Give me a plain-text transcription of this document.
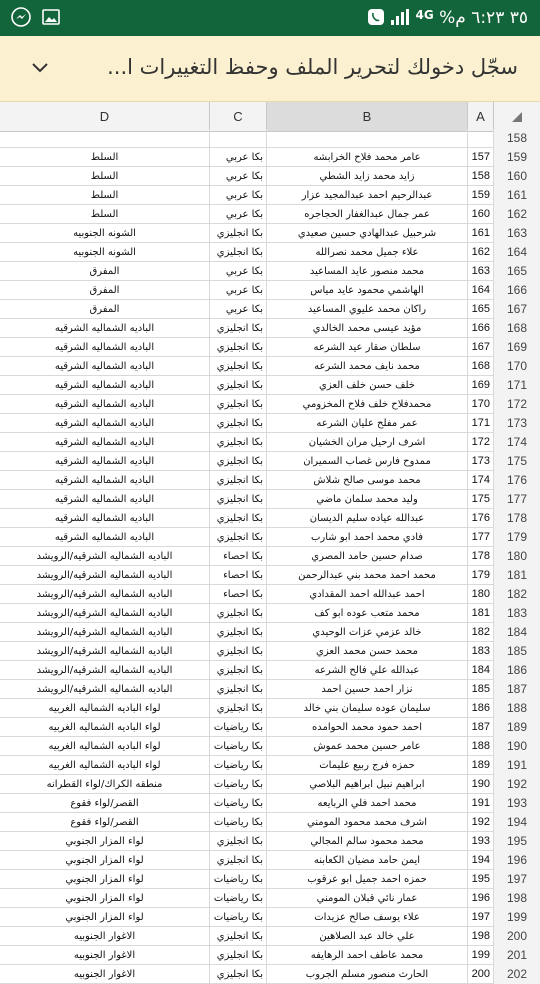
$^{4G}$ %٣٥ ٦:٢٣ م
سجّل دخولك لتحرير الملف وحفظ التغييرات ا...
D	C	B	A
158
السلط	بكا عربي	عامر محمد فلاح الخرابشه	157	159
السلط	بكا عربي	زايد محمد زايد الشطي	158	160
السلط	بكا عربي	عبدالرحيم احمد عبدالمجيد عزار	159	161
السلط	بكا عربي	عمر جمال عبدالغفار الحجاجره	160	162
الشونه الجنوبيه	بكا انجليزي	شرحبيل عبدالهادي حسين صعيدي	161	163
الشونه الجنوبيه	بكا انجليزي	علاء جميل محمد نصرالله	162	164
المفرق	بكا عربي	محمد منصور عايد المساعيد	163	165
المفرق	بكا عربي	الهاشمي محمود عايد مياس	164	166
المفرق	بكا عربي	راكان محمد عليوي المساعيد	165	167
الباديه الشماليه الشرقيه	بكا انجليزي	مؤيد عيسى محمد الخالدي	166	168
الباديه الشماليه الشرقيه	بكا انجليزي	سلطان صقار عيد الشرعه	167	169
الباديه الشماليه الشرقيه	بكا انجليزي	محمد نايف محمد الشرعه	168	170
الباديه الشماليه الشرقيه	بكا انجليزي	خلف حسن خلف العزي	169	171
الباديه الشماليه الشرقيه	بكا انجليزي	محمدفلاح خلف فلاح المخزومي	170	172
الباديه الشماليه الشرقيه	بكا انجليزي	عمر مفلح عليان الشرعه	171	173
الباديه الشماليه الشرقيه	بكا انجليزي	اشرف ارحيل مران الخشيان	172	174
الباديه الشماليه الشرقيه	بكا انجليزي	ممدوح فارس غصاب السميران	173	175
الباديه الشماليه الشرقيه	بكا انجليزي	محمد موسى صالح شلاش	174	176
الباديه الشماليه الشرقيه	بكا انجليزي	وليد محمد سلمان ماضي	175	177
الباديه الشماليه الشرقيه	بكا انجليزي	عبدالله عياده سليم الديسان	176	178
الباديه الشماليه الشرقيه	بكا انجليزي	فادي محمد احمد ابو شارب	177	179
الباديه الشماليه الشرقيه/الرويشد	بكا احصاء	صدام حسين حامد المصري	178	180
الباديه الشماليه الشرقيه/الرويشد	بكا احصاء	محمد احمد محمد بني عبدالرحمن	179	181
الباديه الشماليه الشرقيه/الرويشد	بكا احصاء	احمد عبدالله احمد المقدادي	180	182
الباديه الشماليه الشرقيه/الرويشد	بكا انجليزي	محمد متعب عوده ابو كف	181	183
الباديه الشماليه الشرقيه/الرويشد	بكا انجليزي	خالد عزمي عزات الوحيدي	182	184
الباديه الشماليه الشرقيه/الرويشد	بكا انجليزي	محمد حسن محمد العزي	183	185
الباديه الشماليه الشرقيه/الرويشد	بكا انجليزي	عبدالله علي فالح الشرعه	184	186
الباديه الشماليه الشرقيه/الرويشد	بكا انجليزي	نزار احمد حسين احمد	185	187
لواء الباديه الشماليه الغربيه	بكا انجليزي	سليمان عوده سليمان بني خالد	186	188
لواء الباديه الشماليه الغربيه	بكا رياضيات	احمد حمود محمد الحوامده	187	189
لواء الباديه الشماليه الغربيه	بكا رياضيات	عامر حسين محمد عموش	188	190
لواء الباديه الشماليه الغربيه	بكا رياضيات	حمزه فرج ربيع عليمات	189	191
منطقه الكراك/لواء القطرانه	بكا رياضيات	ابراهيم نبيل ابراهيم البلاصي	190	192
القصر/لواء فقوع	بكا رياضيات	محمد احمد فلي الربايعه	191	193
القصر/لواء فقوع	بكا رياضيات	اشرف محمد محمود المومني	192	194
لواء المزار الجنوبي	بكا انجليزي	محمد محمود سالم المجالي	193	195
لواء المزار الجنوبي	بكا انجليزي	ايمن حامد مضيان الكعابنه	194	196
لواء المزار الجنوبي	بكا رياضيات	حمزه احمد جميل ابو عرقوب	195	197
لواء المزار الجنوبي	بكا رياضيات	عمار نائي قبلان المومني	196	198
لواء المزار الجنوبي	بكا رياضيات	علاء يوسف صالح عزيدات	197	199
الاغوار الجنوبيه	بكا انجليزي	علي خالد عبد الصلاهين	198	200
الاغوار الجنوبيه	بكا انجليزي	محمد عاطف احمد الرهايفه	199	201
الاغوار الجنوبيه	بكا انجليزي	الحارث منصور مسلم الجروب	200	202
